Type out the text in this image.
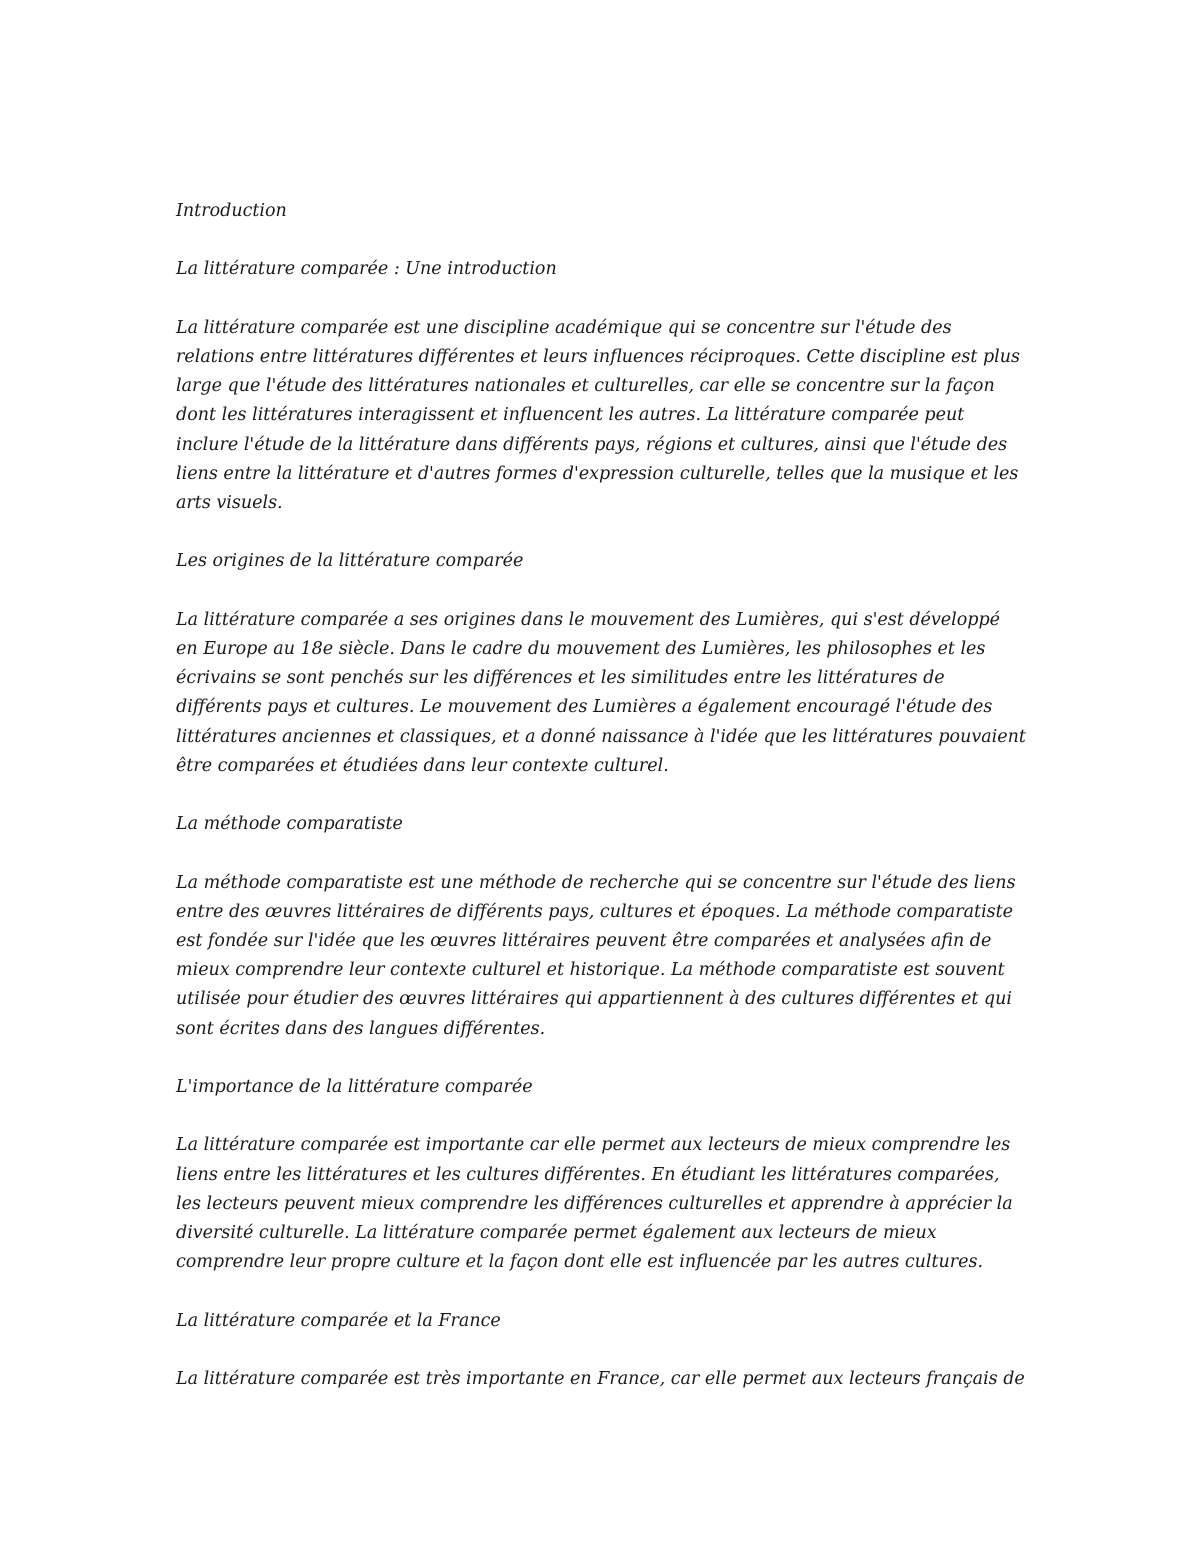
Introduction

La littérature comparée : Une introduction

La littérature comparée est une discipline académique qui se concentre sur l'étude des relations entre littératures différentes et leurs influences réciproques. Cette discipline est plus large que l'étude des littératures nationales et culturelles, car elle se concentre sur la façon dont les littératures interagissent et influencent les autres. La littérature comparée peut inclure l'étude de la littérature dans différents pays, régions et cultures, ainsi que l'étude des liens entre la littérature et d'autres formes d'expression culturelle, telles que la musique et les arts visuels.

Les origines de la littérature comparée

La littérature comparée a ses origines dans le mouvement des Lumières, qui s'est développé en Europe au 18e siècle. Dans le cadre du mouvement des Lumières, les philosophes et les écrivains se sont penchés sur les différences et les similitudes entre les littératures de différents pays et cultures. Le mouvement des Lumières a également encouragé l'étude des littératures anciennes et classiques, et a donné naissance à l'idée que les littératures pouvaient être comparées et étudiées dans leur contexte culturel.

La méthode comparatiste

La méthode comparatiste est une méthode de recherche qui se concentre sur l'étude des liens entre des œuvres littéraires de différents pays, cultures et époques. La méthode comparatiste est fondée sur l'idée que les œuvres littéraires peuvent être comparées et analysées afin de mieux comprendre leur contexte culturel et historique. La méthode comparatiste est souvent utilisée pour étudier des œuvres littéraires qui appartiennent à des cultures différentes et qui sont écrites dans des langues différentes.

L'importance de la littérature comparée

La littérature comparée est importante car elle permet aux lecteurs de mieux comprendre les liens entre les littératures et les cultures différentes. En étudiant les littératures comparées, les lecteurs peuvent mieux comprendre les différences culturelles et apprendre à apprécier la diversité culturelle. La littérature comparée permet également aux lecteurs de mieux comprendre leur propre culture et la façon dont elle est influencée par les autres cultures.

La littérature comparée et la France

La littérature comparée est très importante en France, car elle permet aux lecteurs français de
